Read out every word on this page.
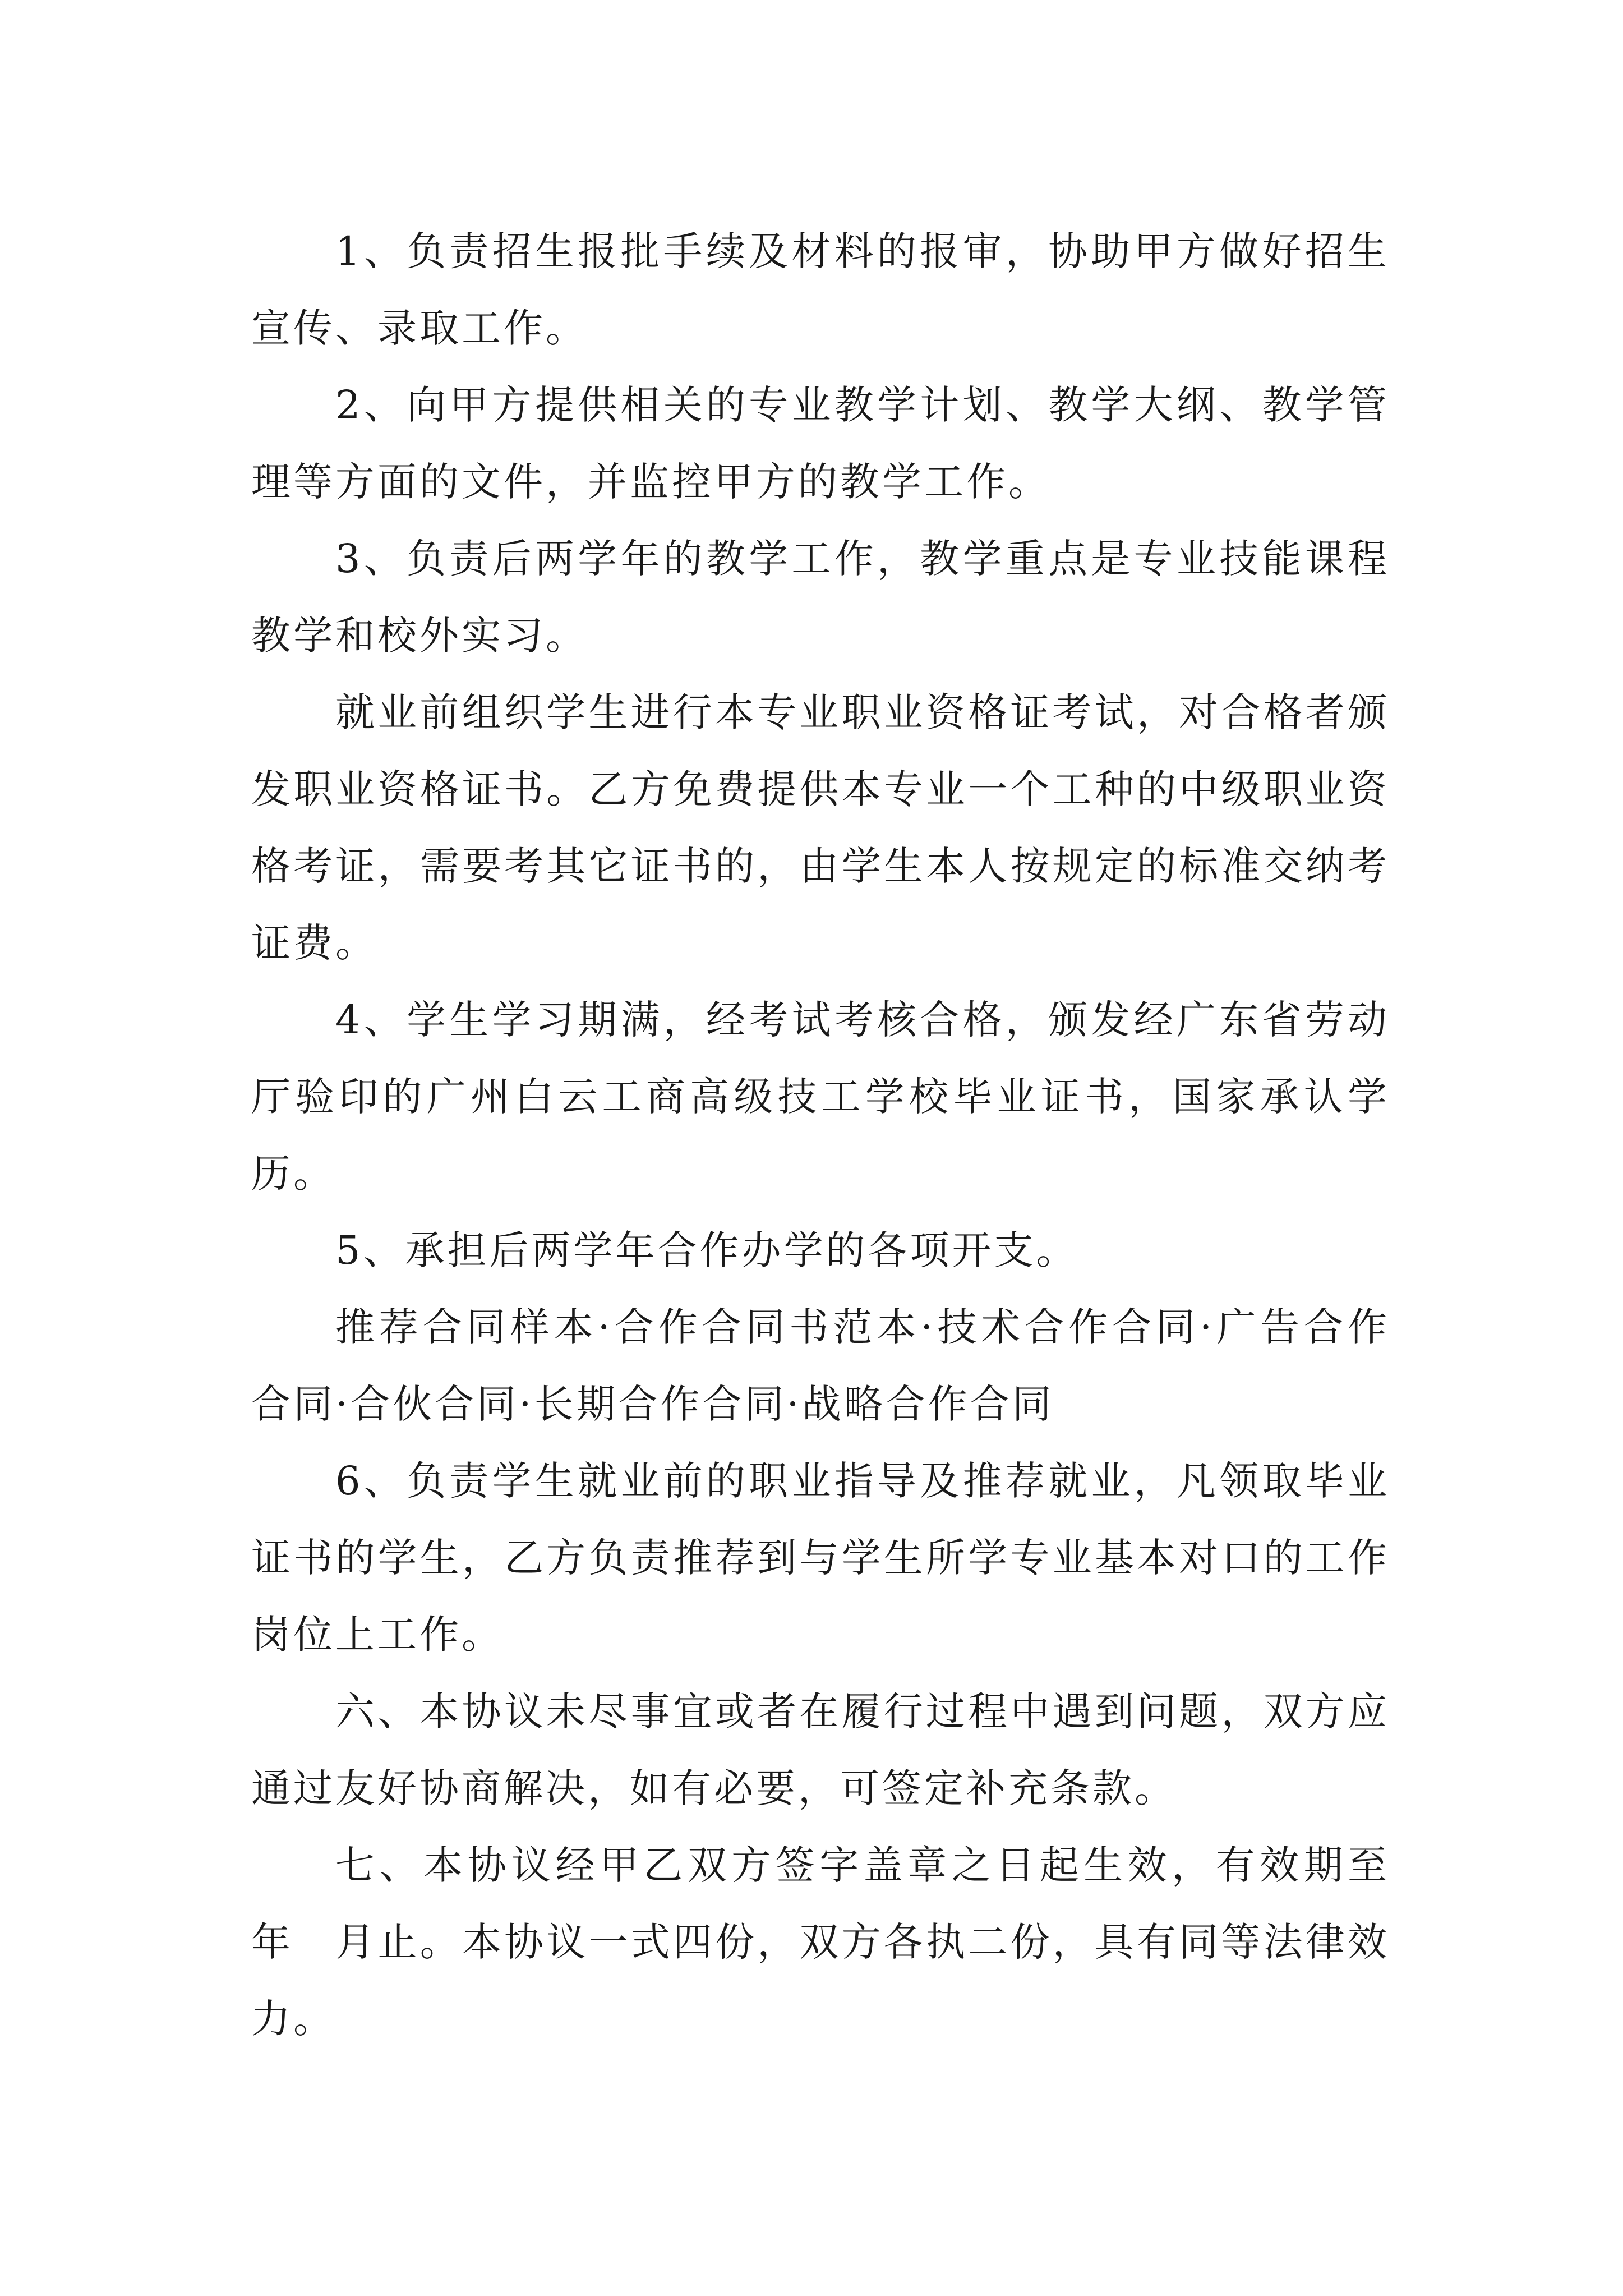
1、负责招生报批手续及材料的报审，协助甲方做好招生宣传、录取工作。

2、向甲方提供相关的专业教学计划、教学大纲、教学管理等方面的文件，并监控甲方的教学工作。

3、负责后两学年的教学工作，教学重点是专业技能课程教学和校外实习。

就业前组织学生进行本专业职业资格证考试，对合格者颁发职业资格证书。乙方免费提供本专业一个工种的中级职业资格考证，需要考其它证书的，由学生本人按规定的标准交纳考证费。

4、学生学习期满，经考试考核合格，颁发经广东省劳动厅验印的广州白云工商高级技工学校毕业证书，国家承认学历。

5、承担后两学年合作办学的各项开支。

推荐合同样本·合作合同书范本·技术合作合同·广告合作合同·合伙合同·长期合作合同·战略合作合同

6、负责学生就业前的职业指导及推荐就业，凡领取毕业证书的学生，乙方负责推荐到与学生所学专业基本对口的工作岗位上工作。

六、本协议未尽事宜或者在履行过程中遇到问题，双方应通过友好协商解决，如有必要，可签定补充条款。

七、本协议经甲乙双方签字盖章之日起生效，有效期至　年　月止。本协议一式四份，双方各执二份，具有同等法律效力。
